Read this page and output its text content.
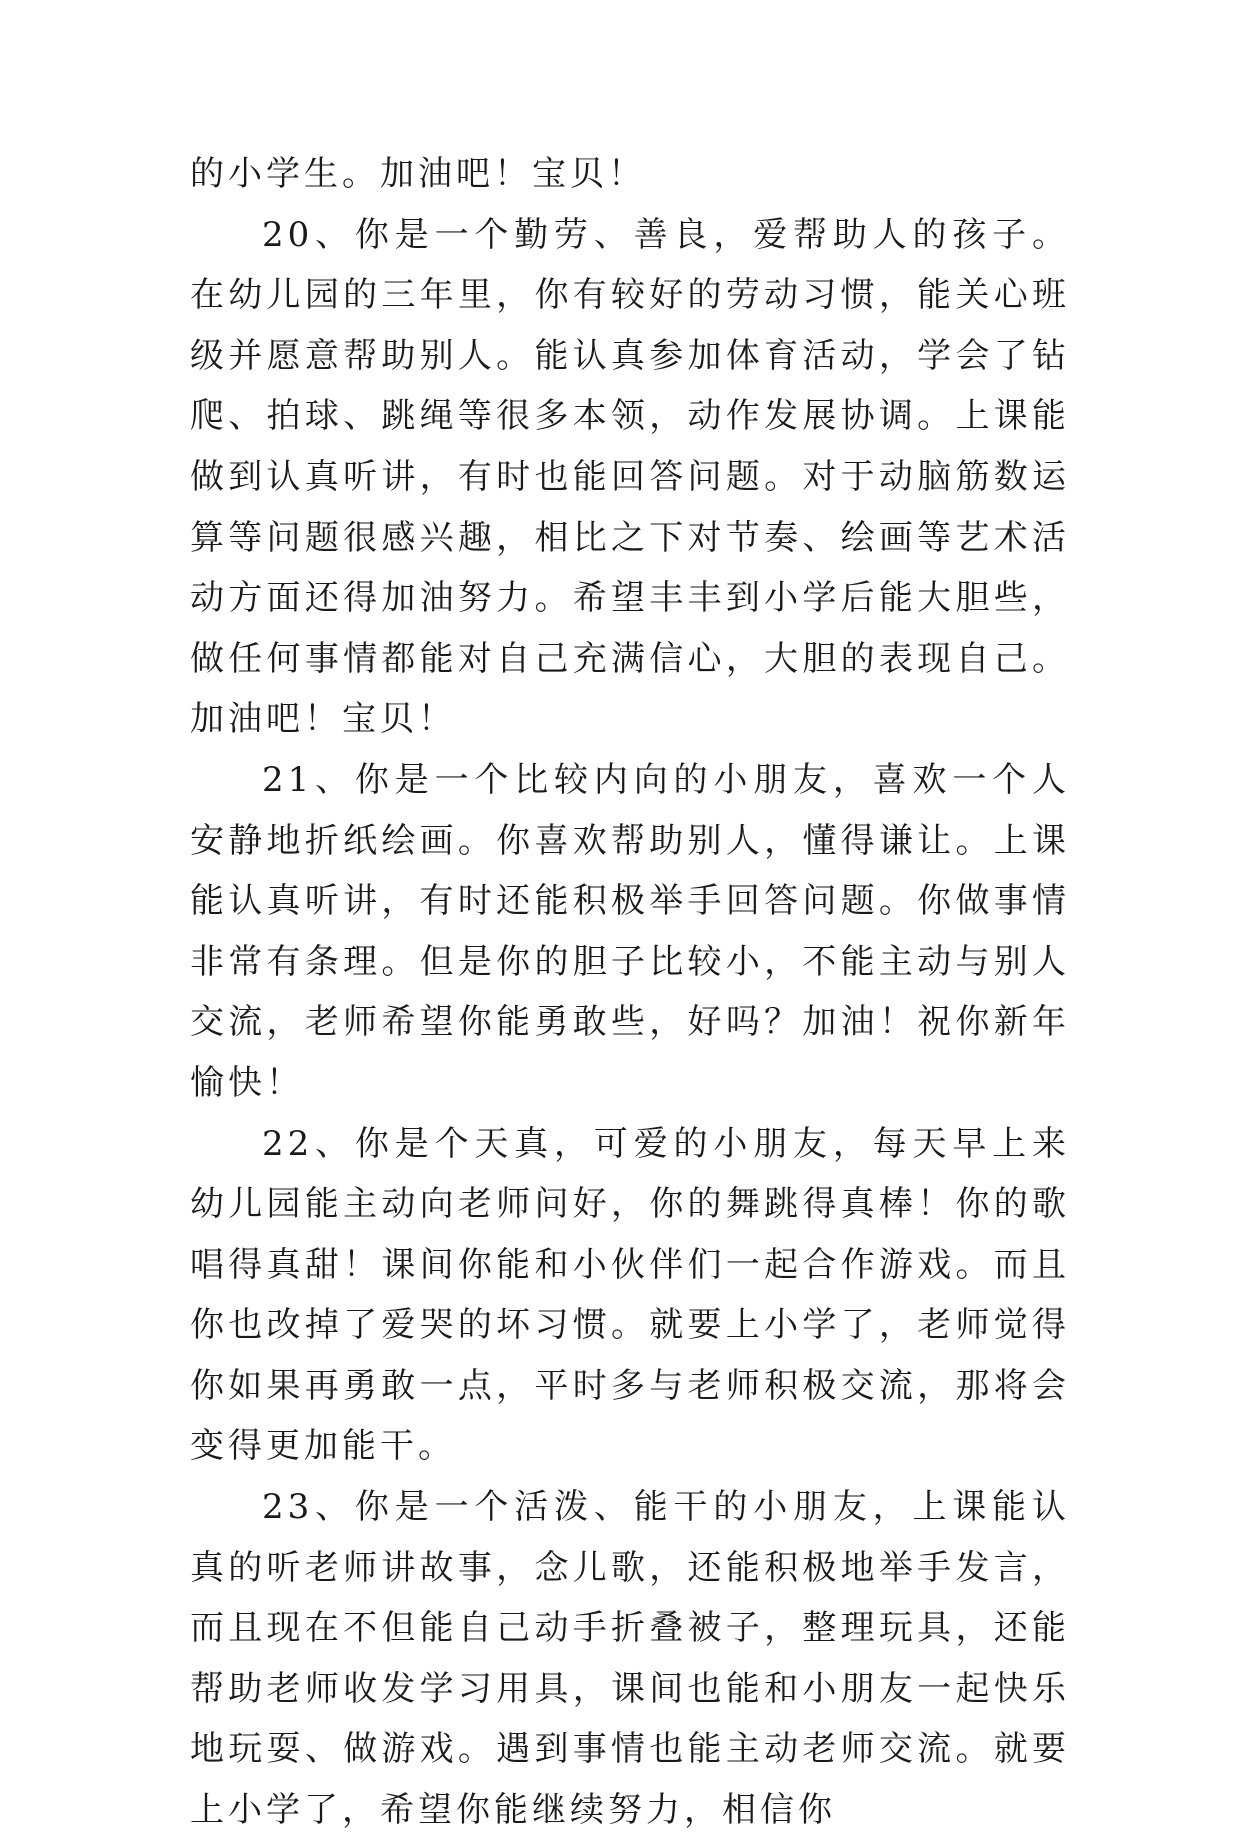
的小学生。加油吧！宝贝！

20、你是一个勤劳、善良，爱帮助人的孩子。在幼儿园的三年里，你有较好的劳动习惯，能关心班级并愿意帮助别人。能认真参加体育活动，学会了钻爬、拍球、跳绳等很多本领，动作发展协调。上课能做到认真听讲，有时也能回答问题。对于动脑筋数运算等问题很感兴趣，相比之下对节奏、绘画等艺术活动方面还得加油努力。希望丰丰到小学后能大胆些，做任何事情都能对自己充满信心，大胆的表现自己。加油吧！宝贝！

21、你是一个比较内向的小朋友，喜欢一个人安静地折纸绘画。你喜欢帮助别人，懂得谦让。上课能认真听讲，有时还能积极举手回答问题。你做事情非常有条理。但是你的胆子比较小，不能主动与别人交流，老师希望你能勇敢些，好吗？加油！祝你新年愉快！

22、你是个天真，可爱的小朋友，每天早上来幼儿园能主动向老师问好，你的舞跳得真棒！你的歌唱得真甜！课间你能和小伙伴们一起合作游戏。而且你也改掉了爱哭的坏习惯。就要上小学了，老师觉得你如果再勇敢一点，平时多与老师积极交流，那将会变得更加能干。

23、你是一个活泼、能干的小朋友，上课能认真的听老师讲故事，念儿歌，还能积极地举手发言，而且现在不但能自己动手折叠被子，整理玩具，还能帮助老师收发学习用具，课间也能和小朋友一起快乐地玩耍、做游戏。遇到事情也能主动老师交流。就要上小学了，希望你能继续努力，相信你
